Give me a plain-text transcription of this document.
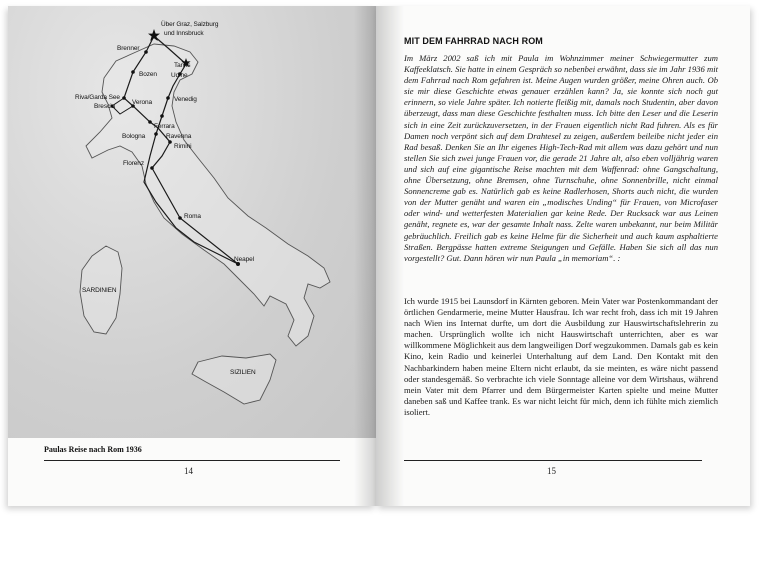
Über Graz, Salzburg
und Innsbruck
Brenner
Bozen
Tarvis
Udine
Riva/Garda See
Brescia
Verona	Venedig
Ferrara
Bologna	Ravenna
Rimini
Florenz
Roma
Neapel
SARDINIEN
SIZILIEN
Paulas Reise nach Rom 1936
14
MIT DEM FAHRRAD NACH ROM

Im März 2002 saß ich mit Paula im Wohnzimmer meiner Schwiegermutter zum Kaffeeklatsch. Sie hatte in einem Gespräch so nebenbei erwähnt, dass sie im Jahr 1936 mit dem Fahrrad nach Rom gefahren ist. Meine Augen wurden größer, meine Ohren auch. Ob sie mir diese Geschichte etwas genauer erzählen kann? Ja, sie konnte sich noch gut erinnern, so viele Jahre später. Ich notierte fleißig mit, damals noch Studentin, aber davon überzeugt, dass man diese Geschichte festhalten muss. Ich bitte den Leser und die Leserin sich in eine Zeit zurückzuversetzen, in der Frauen eigentlich nicht Rad fuhren. Als es für Damen noch verpönt sich auf dem Drahtesel zu zeigen, außerdem beileibe nicht jeder ein Rad besaß. Denken Sie an Ihr eigenes High-Tech-Rad mit allem was dazu gehört und nun stellen Sie sich zwei junge Frauen vor, die gerade 21 Jahre alt, also eben volljährig waren und sich auf eine gigantische Reise machten mit dem Waffenrad: ohne Gangschaltung, ohne Übersetzung, ohne Bremsen, ohne Turnschuhe, ohne Sonnenbrille, nicht einmal Sonnencreme gab es. Natürlich gab es keine Radlerhosen, Shorts auch nicht, die wurden von der Mutter genäht und waren ein „modisches Unding“ für Frauen, von Microfaser oder wind- und wetterfesten Materialien gar keine Rede. Der Rucksack war aus Leinen genäht, regnete es, war der gesamte Inhalt nass. Zelte waren unbekannt, nur beim Militär gebräuchlich. Freilich gab es keine Helme für die Sicherheit und auch kaum asphaltierte Straßen. Bergpässe hatten extreme Steigungen und Gefälle. Haben Sie sich all das nun vorgestellt? Gut. Dann hören wir nun Paula „in memoriam“. :

Ich wurde 1915 bei Launsdorf in Kärnten geboren. Mein Vater war Postenkommandant der örtlichen Gendarmerie, meine Mutter Hausfrau. Ich war recht froh, dass ich mit 19 Jahren nach Wien ins Internat durfte, um dort die Ausbildung zur Hauswirtschaftslehrerin zu machen. Ursprünglich wollte ich nicht Hauswirtschaft unterrichten, aber es war willkommene Möglichkeit aus dem langweiligen Dorf wegzukommen. Damals gab es kein Kino, kein Radio und keinerlei Unterhaltung auf dem Land. Den Kontakt mit den Nachbarkindern haben meine Eltern nicht erlaubt, da sie meinten, es wäre nicht passend oder standesgemäß. So verbrachte ich viele Sonntage alleine vor dem Wirtshaus, während mein Vater mit dem Pfarrer und dem Bürgermeister Karten spielte und meine Mutter daneben saß und Kaffee trank. Es war nicht leicht für mich, denn ich fühlte mich ziemlich isoliert.

15
